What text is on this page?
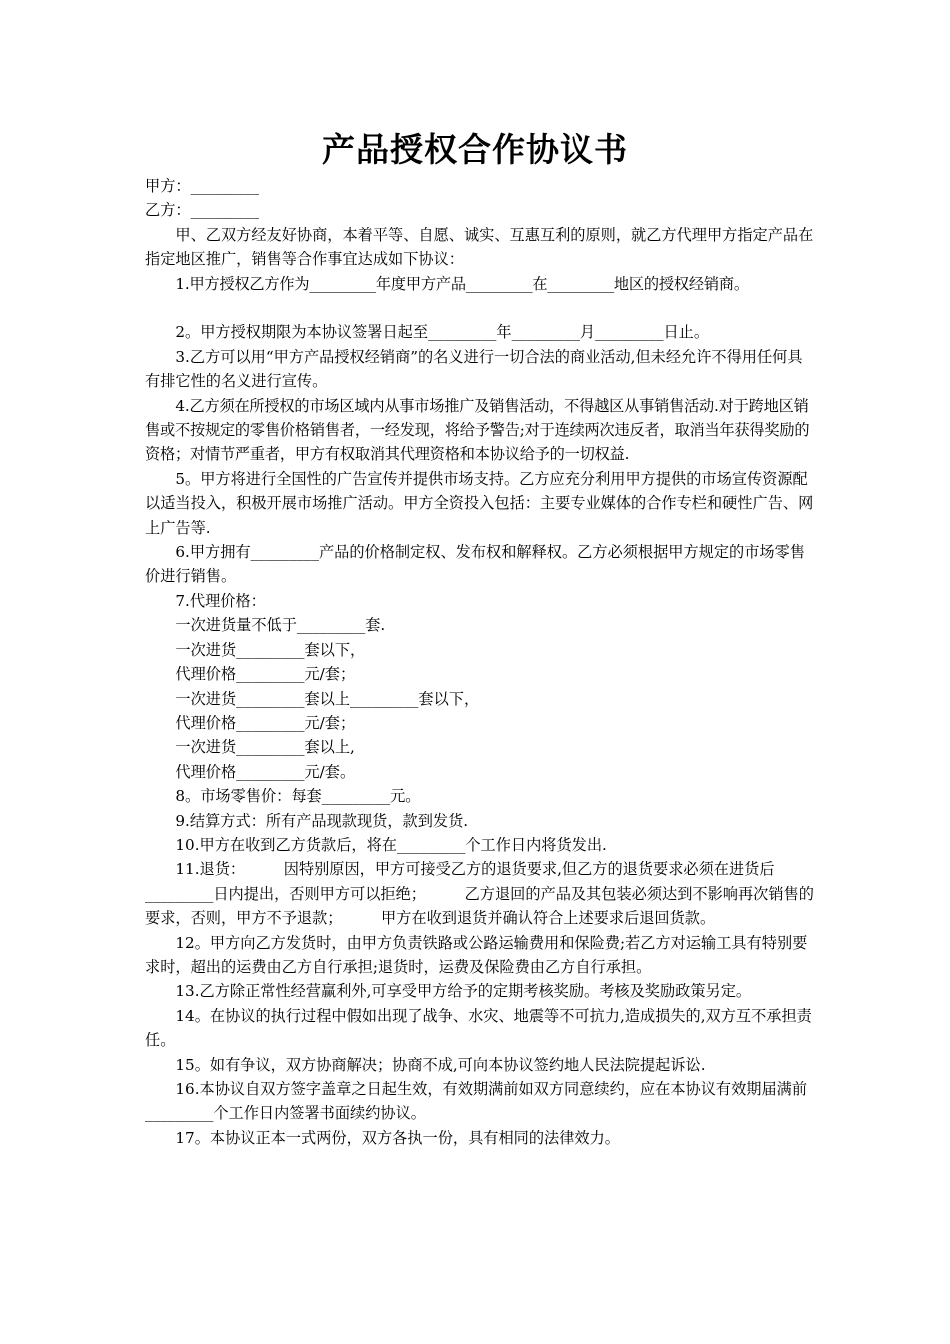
产品授权合作协议书

甲方：_________

乙方：_________

甲、乙双方经友好协商，本着平等、自愿、诚实、互惠互利的原则，就乙方代理甲方指定产品在指定地区推广，销售等合作事宜达成如下协议：

1.甲方授权乙方作为_________年度甲方产品_________在_________地区的授权经销商。

2。甲方授权期限为本协议签署日起至_________年_________月_________日止。

3.乙方可以用“甲方产品授权经销商”的名义进行一切合法的商业活动,但未经允许不得用任何具有排它性的名义进行宣传。

4.乙方须在所授权的市场区域内从事市场推广及销售活动，不得越区从事销售活动.对于跨地区销售或不按规定的零售价格销售者，一经发现，将给予警告;对于连续两次违反者，取消当年获得奖励的资格；对情节严重者，甲方有权取消其代理资格和本协议给予的一切权益.

5。甲方将进行全国性的广告宣传并提供市场支持。乙方应充分利用甲方提供的市场宣传资源配以适当投入，积极开展市场推广活动。甲方全资投入包括：主要专业媒体的合作专栏和硬性广告、网上广告等.

6.甲方拥有_________产品的价格制定权、发布权和解释权。乙方必须根据甲方规定的市场零售价进行销售。

7.代理价格：

一次进货量不低于_________套.

一次进货_________套以下，

代理价格_________元/套；

一次进货_________套以上_________套以下，

代理价格_________元/套；

一次进货_________套以上,

代理价格_________元/套。

8。市场零售价：每套_________元。

9.结算方式：所有产品现款现货，款到发货.

10.甲方在收到乙方货款后，将在_________个工作日内将货发出.

11.退货：        因特别原因，甲方可接受乙方的退货要求,但乙方的退货要求必须在进货后_________日内提出，否则甲方可以拒绝；        乙方退回的产品及其包装必须达到不影响再次销售的要求，否则，甲方不予退款；        甲方在收到退货并确认符合上述要求后退回货款。

12。甲方向乙方发货时，由甲方负责铁路或公路运输费用和保险费;若乙方对运输工具有特别要求时，超出的运费由乙方自行承担;退货时，运费及保险费由乙方自行承担。

13.乙方除正常性经营赢利外,可享受甲方给予的定期考核奖励。考核及奖励政策另定。

14。在协议的执行过程中假如出现了战争、水灾、地震等不可抗力,造成损失的,双方互不承担责任。

15。如有争议，双方协商解决；协商不成,可向本协议签约地人民法院提起诉讼.

16.本协议自双方签字盖章之日起生效，有效期满前如双方同意续约，应在本协议有效期届满前_________个工作日内签署书面续约协议。

17。本协议正本一式两份，双方各执一份，具有相同的法律效力。
